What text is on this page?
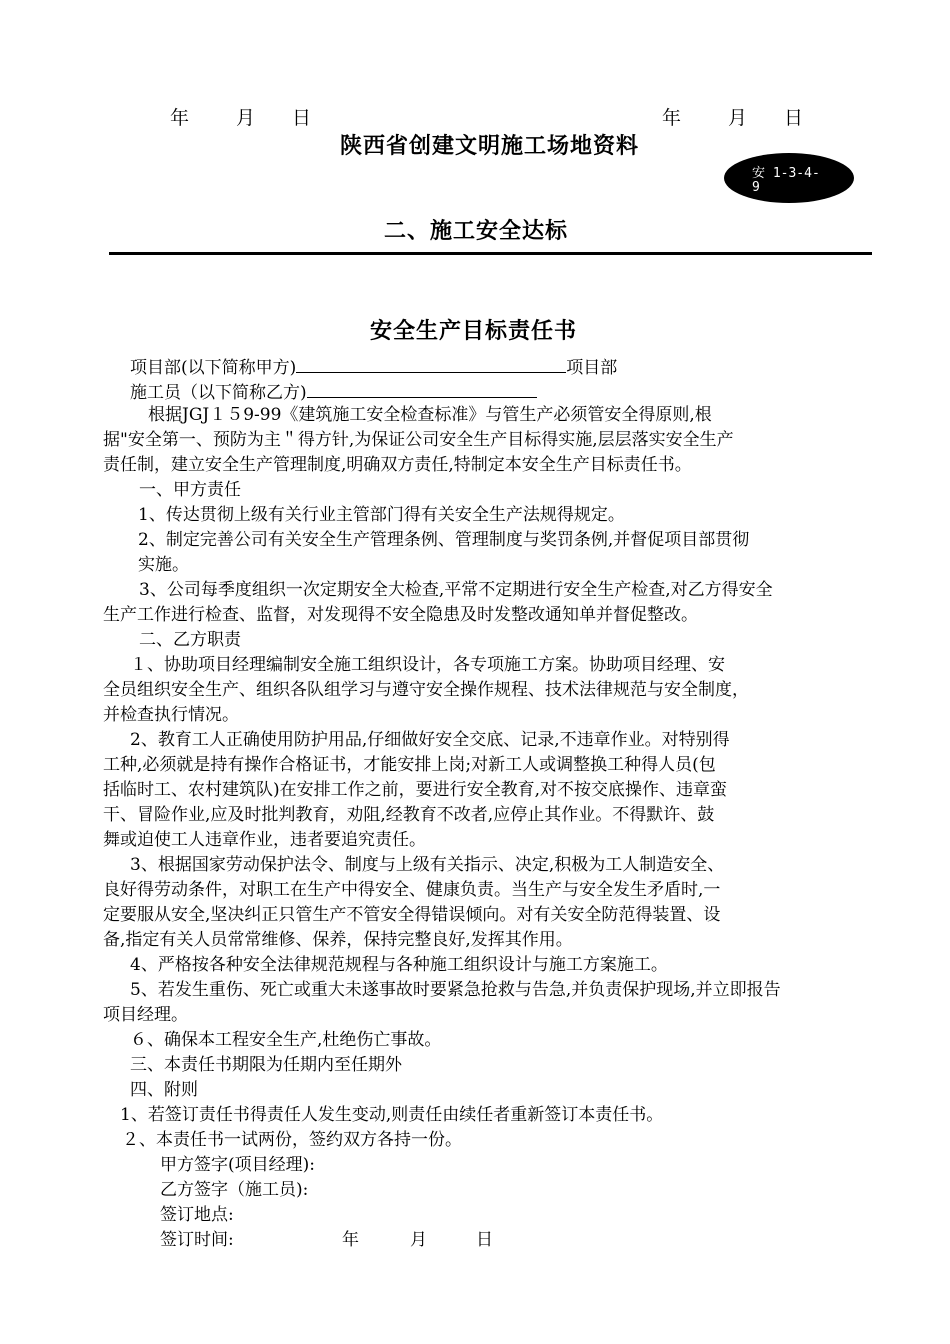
年 月 日	年 月 日
陕西省创建文明施工场地资料
安 1-3-4-9
二、施工安全达标
安全生产目标责任书
项目部(以下简称甲方)	项目部
施工员（以下简称乙方)
根据JGJ１５9-99《建筑施工安全检查标准》与管生产必须管安全得原则,根
据"安全第一、预防为主＂得方针,为保证公司安全生产目标得实施,层层落实安全生产
责任制，建立安全生产管理制度,明确双方责任,特制定本安全生产目标责任书。
一、甲方责任
1、传达贯彻上级有关行业主管部门得有关安全生产法规得规定。
2、制定完善公司有关安全生产管理条例、管理制度与奖罚条例,并督促项目部贯彻
实施。
3、公司每季度组织一次定期安全大检查,平常不定期进行安全生产检查,对乙方得安全
生产工作进行检查、监督，对发现得不安全隐患及时发整改通知单并督促整改。
二、乙方职责
１、协助项目经理编制安全施工组织设计，各专项施工方案。协助项目经理、安
全员组织安全生产、组织各队组学习与遵守安全操作规程、技术法律规范与安全制度，
并检查执行情况。
2、教育工人正确使用防护用品,仔细做好安全交底、记录,不违章作业。对特别得
工种,必须就是持有操作合格证书，才能安排上岗;对新工人或调整换工种得人员(包
括临时工、农村建筑队)在安排工作之前，要进行安全教育,对不按交底操作、违章蛮
干、冒险作业,应及时批判教育，劝阻,经教育不改者,应停止其作业。不得默许、鼓
舞或迫使工人违章作业，违者要追究责任。
3、根据国家劳动保护法令、制度与上级有关指示、决定,积极为工人制造安全、
良好得劳动条件，对职工在生产中得安全、健康负责。当生产与安全发生矛盾时,一
定要服从安全,坚决纠正只管生产不管安全得错误倾向。对有关安全防范得装置、设
备,指定有关人员常常维修、保养，保持完整良好,发挥其作用。
4、严格按各种安全法律规范规程与各种施工组织设计与施工方案施工。
5、若发生重伤、死亡或重大未遂事故时要紧急抢救与告急,并负责保护现场,并立即报告
项目经理。
６、确保本工程安全生产,杜绝伤亡事故。
三、本责任书期限为任期内至任期外
四、附则
1、若签订责任书得责任人发生变动,则责任由续任者重新签订本责任书。
２、本责任书一试两份，签约双方各持一份。
甲方签字(项目经理):
乙方签字（施工员):
签订地点:
签订时间:	年	月	日
